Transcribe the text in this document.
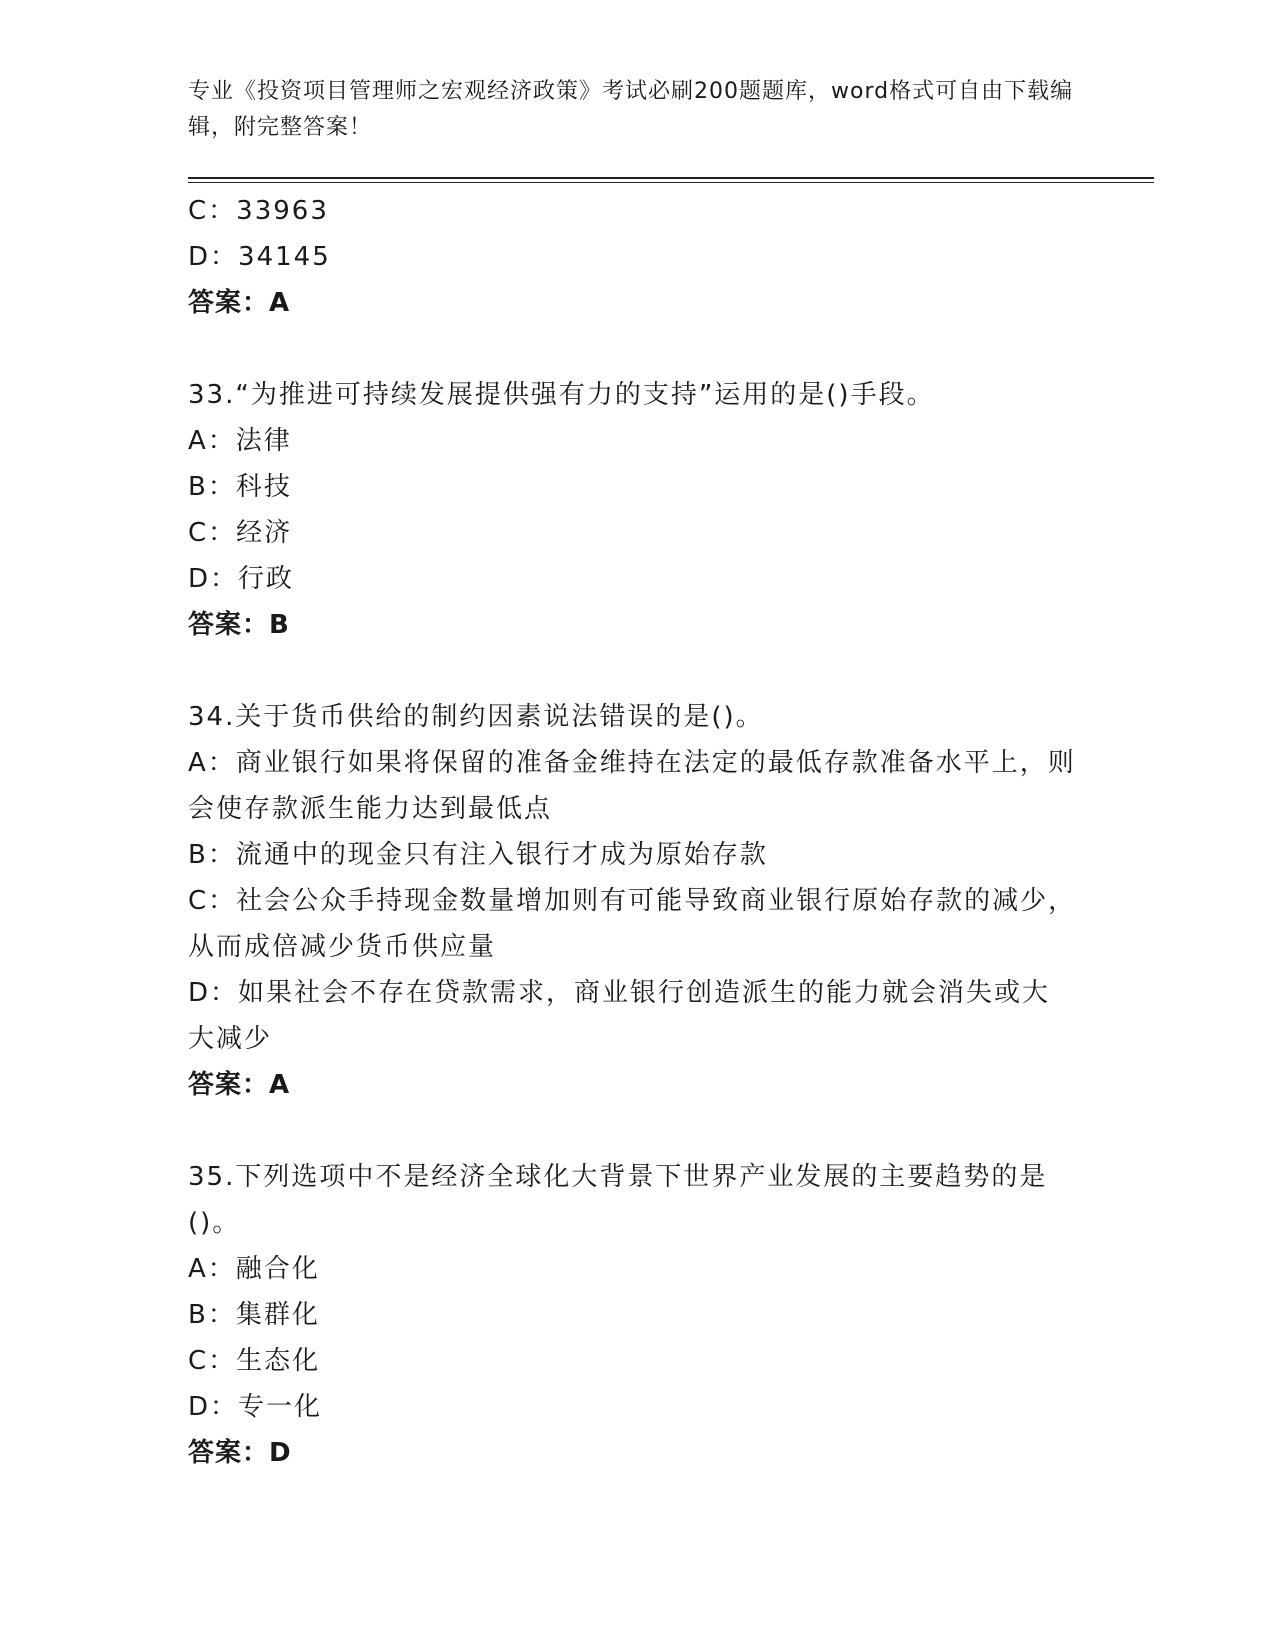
专业《投资项目管理师之宏观经济政策》考试必刷200题题库，word格式可自由下载编辑，附完整答案！
C：33963
D：34145
答案：A
33.“为推进可持续发展提供强有力的支持”运用的是()手段。
A：法律
B：科技
C：经济
D：行政
答案：B
34.关于货币供给的制约因素说法错误的是()。
A：商业银行如果将保留的准备金维持在法定的最低存款准备水平上，则会使存款派生能力达到最低点
B：流通中的现金只有注入银行才成为原始存款
C：社会公众手持现金数量增加则有可能导致商业银行原始存款的减少，从而成倍减少货币供应量
D：如果社会不存在贷款需求，商业银行创造派生的能力就会消失或大大减少
答案：A
35.下列选项中不是经济全球化大背景下世界产业发展的主要趋势的是()。
A：融合化
B：集群化
C：生态化
D：专一化
答案：D
